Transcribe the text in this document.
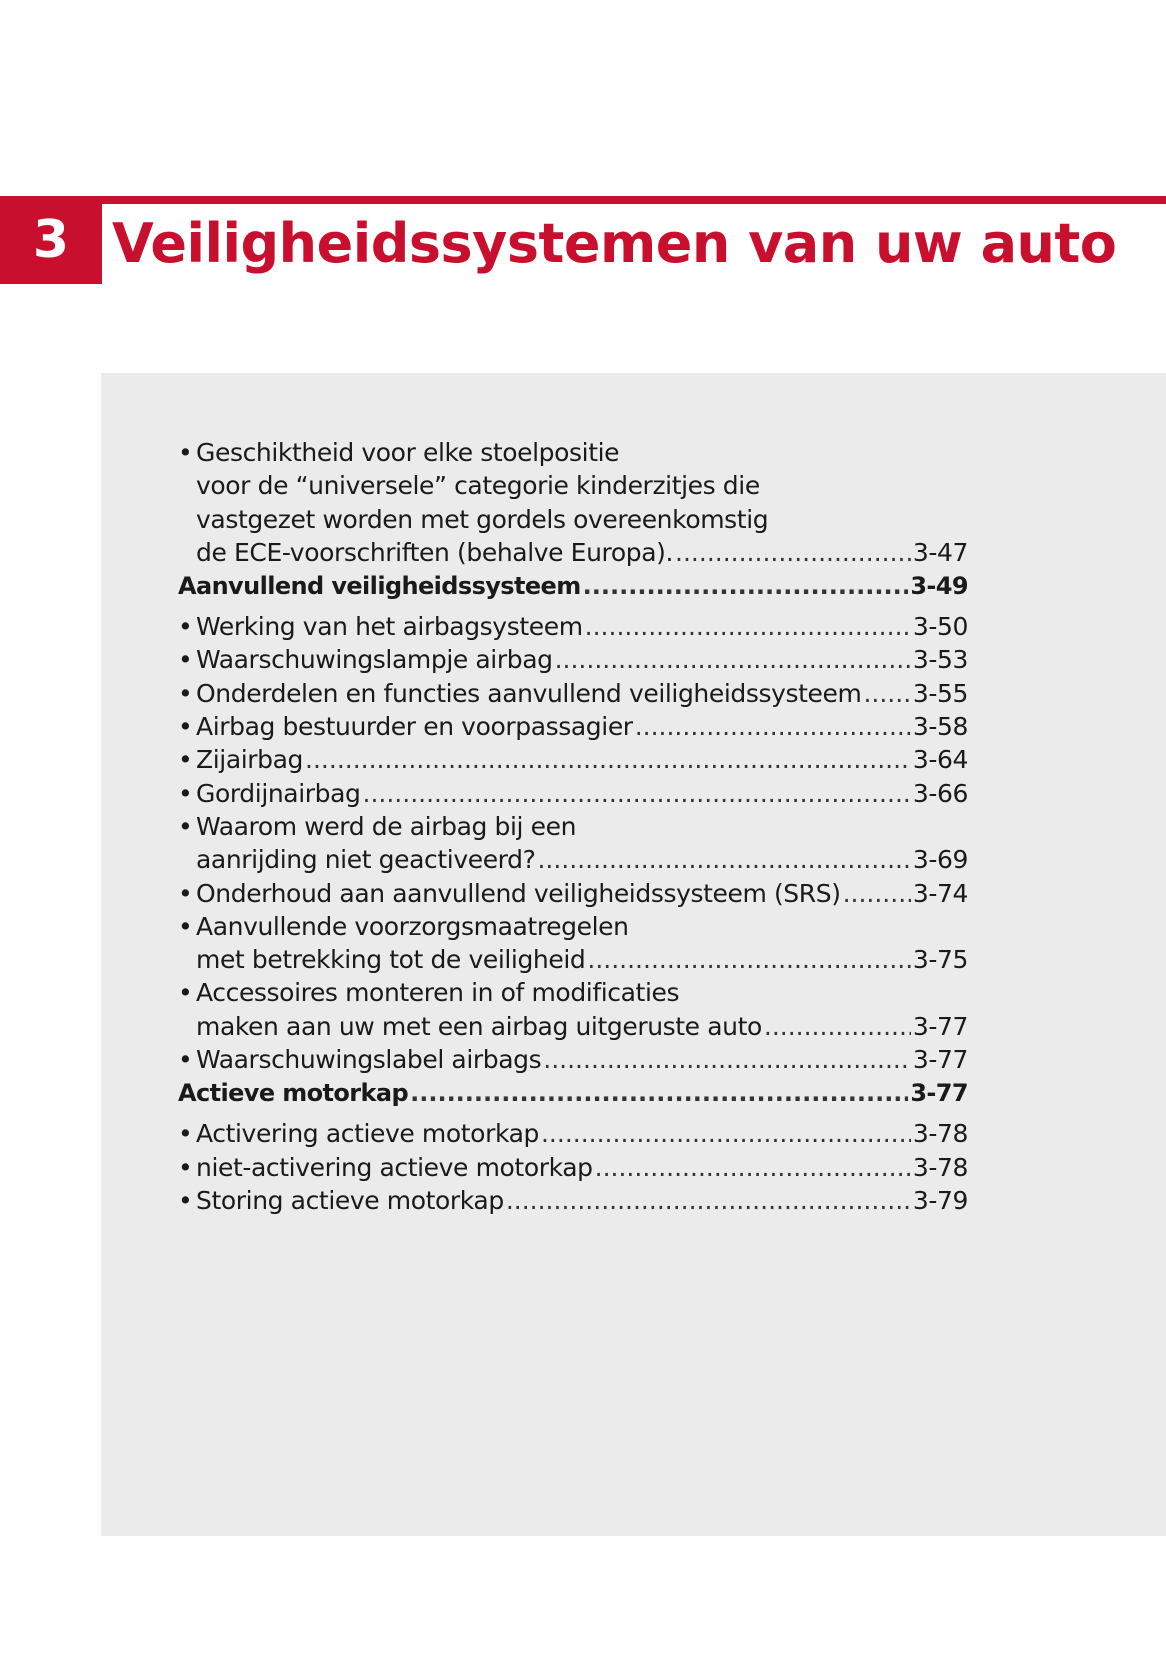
3 Veiligheidssystemen van uw auto
• Geschiktheid voor elke stoelpositie
voor de “universele” categorie kinderzitjes die
vastgezet worden met gordels overeenkomstig
de ECE-voorschriften (behalve Europa). .....	3-47
Aanvullend veiligheidssysteem .....	3-49
• Werking van het airbagsysteem .....	3-50
• Waarschuwingslampje airbag .....	3-53
• Onderdelen en functies aanvullend veiligheidssysteem ..... 3-55
• Airbag bestuurder en voorpassagier .....	3-58
• Zijairbag .....	3-64
• Gordijnairbag .....	3-66
• Waarom werd de airbag bij een
aanrijding niet geactiveerd? .....	3-69
• Onderhoud aan aanvullend veiligheidssysteem (SRS) .....	3-74
• Aanvullende voorzorgsmaatregelen
met betrekking tot de veiligheid .....	3-75
• Accessoires monteren in of modificaties
maken aan uw met een airbag uitgeruste auto .....	3-77
• Waarschuwingslabel airbags .....	3-77
Actieve motorkap .....	3-77
• Activering actieve motorkap .....	3-78
• niet-activering actieve motorkap .....	3-78
• Storing actieve motorkap .....	3-79
